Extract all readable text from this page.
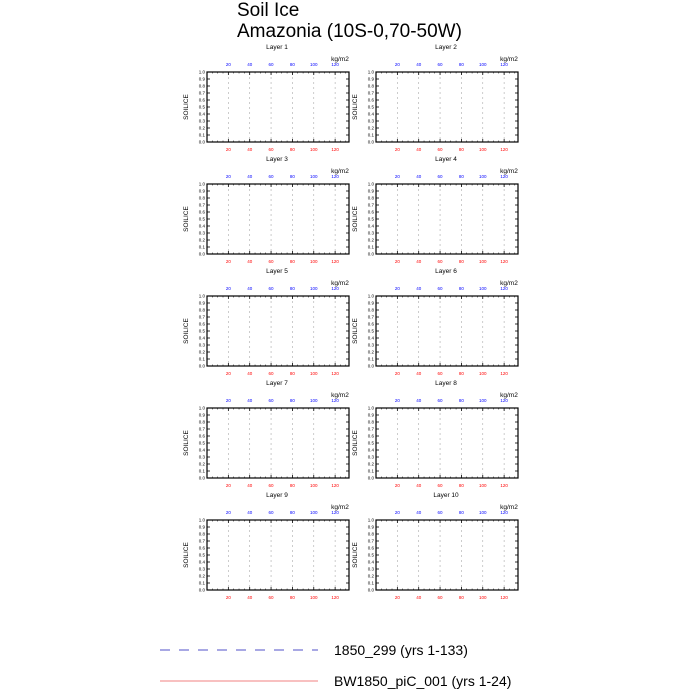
Soil Ice
Amazonia (10S-0,70-50W)
Layer 1
kg/m2
0.0
0.1
0.2
0.3
0.4
0.5
0.6
0.7
0.8
0.9
1.0
SOILICE
20	40	60	80	100	120
20	40	60	80	100	120
Layer 2
kg/m2
0.0
0.1
0.2
0.3
0.4
0.5
0.6
0.7
0.8
0.9
1.0
SOILICE
20	40	60	80	100	120
20	40	60	80	100	120
Layer 3
kg/m2
0.0
0.1
0.2
0.3
0.4
0.5
0.6
0.7
0.8
0.9
1.0
SOILICE
20	40	60	80	100	120
20	40	60	80	100	120
Layer 4
kg/m2
0.0
0.1
0.2
0.3
0.4
0.5
0.6
0.7
0.8
0.9
1.0
SOILICE
20	40	60	80	100	120
20	40	60	80	100	120
Layer 5
kg/m2
0.0
0.1
0.2
0.3
0.4
0.5
0.6
0.7
0.8
0.9
1.0
SOILICE
20	40	60	80	100	120
20	40	60	80	100	120
Layer 6
kg/m2
0.0
0.1
0.2
0.3
0.4
0.5
0.6
0.7
0.8
0.9
1.0
SOILICE
20	40	60	80	100	120
20	40	60	80	100	120
Layer 7
kg/m2
0.0
0.1
0.2
0.3
0.4
0.5
0.6
0.7
0.8
0.9
1.0
SOILICE
20	40	60	80	100	120
20	40	60	80	100	120
Layer 8
kg/m2
0.0
0.1
0.2
0.3
0.4
0.5
0.6
0.7
0.8
0.9
1.0
SOILICE
20	40	60	80	100	120
20	40	60	80	100	120
Layer 9
kg/m2
0.0
0.1
0.2
0.3
0.4
0.5
0.6
0.7
0.8
0.9
1.0
SOILICE
20	40	60	80	100	120
20	40	60	80	100	120
Layer 10
kg/m2
0.0
0.1
0.2
0.3
0.4
0.5
0.6
0.7
0.8
0.9
1.0
SOILICE
20	40	60	80	100	120
20	40	60	80	100	120
1850_299 (yrs 1-133)
BW1850_piC_001 (yrs 1-24)
